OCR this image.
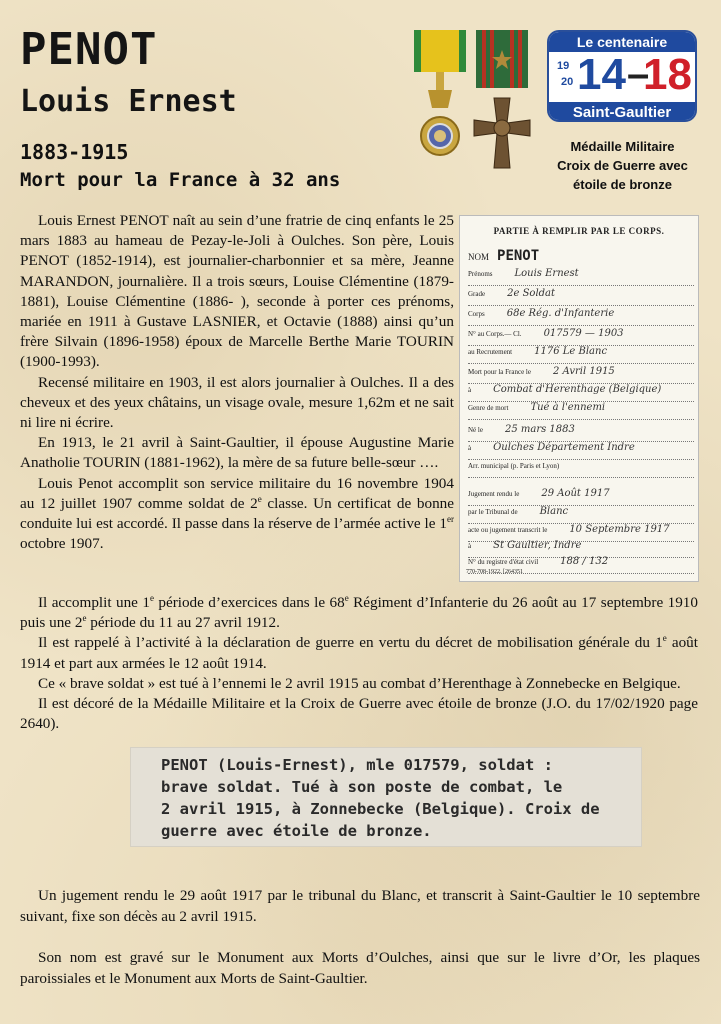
PENOT
Louis Ernest
1883-1915
Mort pour la France à 32 ans
Le centenaire
19
20 14 –
18
Saint-Gaultier
Médaille Militaire
Croix de Guerre avec
étoile de bronze

Louis Ernest PENOT naît au sein d’une fratrie de cinq enfants le 25 mars 1883 au hameau de Pezay-le-Joli à Oulches. Son père, Louis PENOT (1852-1914), est journalier-charbonnier et sa mère, Jeanne MARANDON, journalière. Il a trois sœurs, Louise Clémentine (1879-1881), Louise Clémentine (1886- ), seconde à porter ces prénoms, mariée en 1911 à Gustave LASNIER, et Octavie (1888) ainsi qu’un frère Silvain (1896-1958) époux de Marcelle Berthe Marie TOURIN (1900-1993).

Recensé militaire en 1903, il est alors journalier à Oulches. Il a des cheveux et des yeux châtains, un visage ovale, mesure 1,62m et ne sait ni lire ni écrire.

En 1913, le 21 avril à Saint-Gaultier, il épouse Augustine Marie Anatholie TOURIN (1881-1962), la mère de sa future belle-sœur ….

Louis Penot accomplit son service militaire du 16 novembre 1904 au 12 juillet 1907 comme soldat de 2e classe. Un certificat de bonne conduite lui est accordé. Il passe dans la réserve de l’armée active le 1er octobre 1907.

PARTIE À REMPLIR PAR LE CORPS.
NOM PENOT
Prénoms Louis Ernest
Grade 2e Soldat
Corps 68e Rég. d'Infanterie
N° au Corps.— Cl. 017579 — 1903
au Recrutement 1176 Le Blanc
Mort pour la France le 2 Avril 1915
à Combat d'Herenthage (Belgique)
Genre de mort Tué à l'ennemi
Né le 25 mars 1883
à Oulches Département Indre
Arr. municipal (p. Paris et Lyon)
Jugement rendu le 29 Août 1917
par le Tribunal de Blanc
acte ou jugement transcrit le 10 Septembre 1917
à St Gaultier, Indre
N° du registre d'état civil 188 / 132
770-708-1922. [264351

Il accomplit une 1e période d’exercices dans le 68e Régiment d’Infanterie du 26 août au 17 septembre 1910 puis une 2e période du 11 au 27 avril 1912.

Il est rappelé à l’activité à la déclaration de guerre en vertu du décret de mobilisation générale du 1e août 1914 et part aux armées le 12 août 1914.

Ce « brave soldat » est tué à l’ennemi le 2 avril 1915 au combat d’Herenthage à Zonnebecke en Belgique.

Il est décoré de la Médaille Militaire et la Croix de Guerre avec étoile de bronze (J.O. du 17/02/1920 page 2640).

PENOT (Louis-Ernest), mle 017579, soldat :
brave soldat. Tué à son poste de combat, le
2 avril 1915, à Zonnebecke (Belgique). Croix de
guerre avec étoile de bronze.
Un jugement rendu le 29 août 1917 par le tribunal du Blanc, et transcrit à Saint-Gaultier le 10 septembre suivant, fixe son décès au 2 avril 1915.
Son nom est gravé sur le Monument aux Morts d’Oulches, ainsi que sur le livre d’Or, les plaques paroissiales et le Monument aux Morts de Saint-Gaultier.
